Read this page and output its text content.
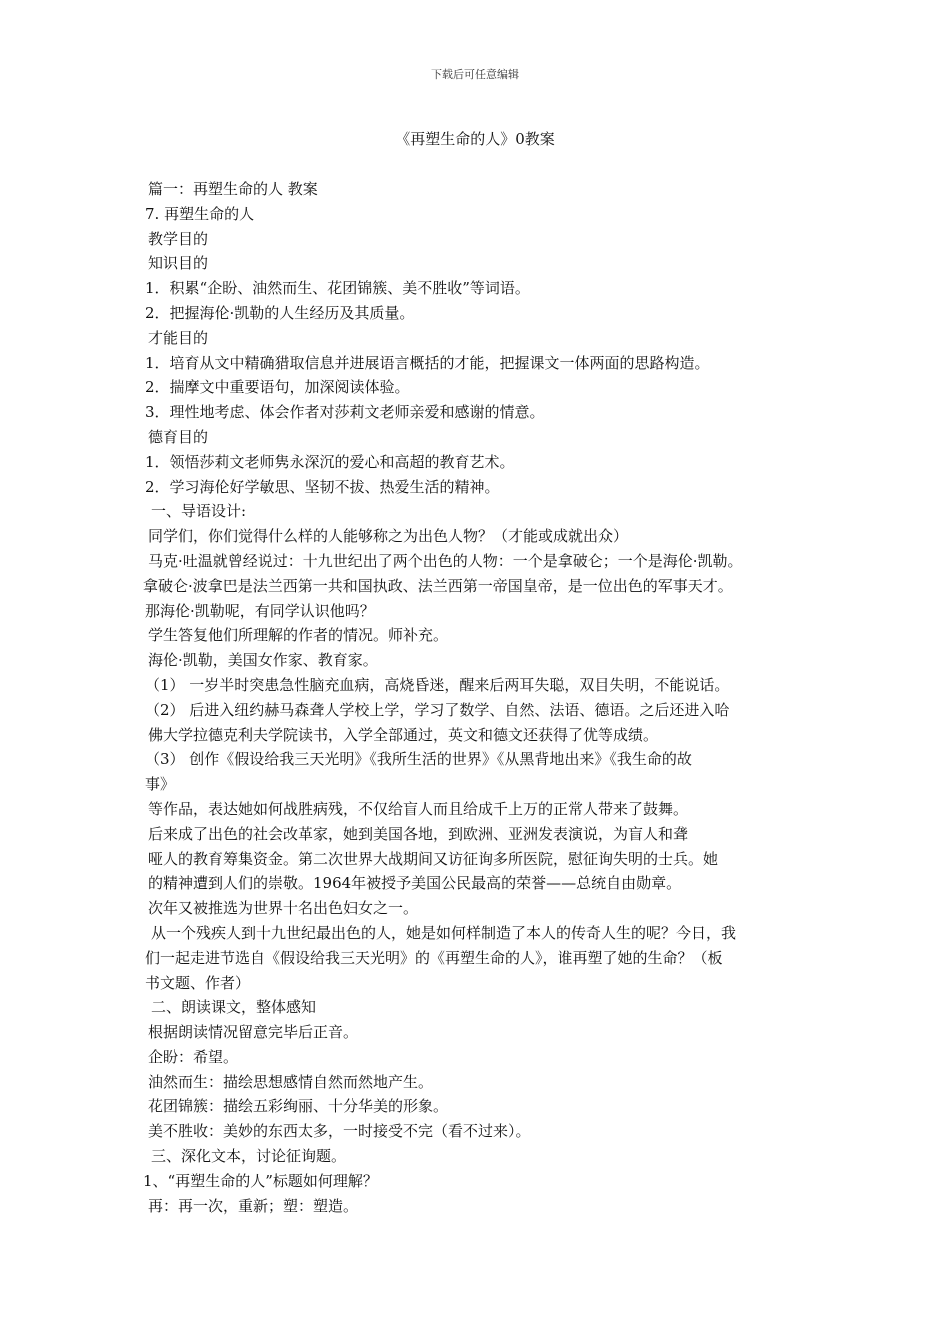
下载后可任意编辑
《再塑生命的人》0教案
篇一：再塑生命的人 教案
7. 再塑生命的人
教学目的
知识目的
1．积累“企盼、油然而生、花团锦簇、美不胜收”等词语。
2．把握海伦·凯勒的人生经历及其质量。
才能目的
1．培育从文中精确猎取信息并进展语言概括的才能，把握课文一体两面的思路构造。
2．揣摩文中重要语句，加深阅读体验。
3．理性地考虑、体会作者对莎莉文老师亲爱和感谢的情意。
德育目的
1．领悟莎莉文老师隽永深沉的爱心和高超的教育艺术。
2．学习海伦好学敏思、坚韧不拔、热爱生活的精神。
一、导语设计:
同学们，你们觉得什么样的人能够称之为出色人物？（才能或成就出众）
马克·吐温就曾经说过：十九世纪出了两个出色的人物：一个是拿破仑；一个是海伦·凯勒。
拿破仑·波拿巴是法兰西第一共和国执政、法兰西第一帝国皇帝，是一位出色的军事天才。
那海伦·凯勒呢，有同学认识他吗？
学生答复他们所理解的作者的情况。师补充。
海伦·凯勒，美国女作家、教育家。
（1） 一岁半时突患急性脑充血病，高烧昏迷，醒来后两耳失聪，双目失明，不能说话。
（2） 后进入纽约赫马森聋人学校上学，学习了数学、自然、法语、德语。之后还进入哈
佛大学拉德克利夫学院读书，入学全部通过，英文和德文还获得了优等成绩。
（3） 创作《假设给我三天光明》《我所生活的世界》《从黑背地出来》《我生命的故
事》
等作品，表达她如何战胜病残，不仅给盲人而且给成千上万的正常人带来了鼓舞。
后来成了出色的社会改革家，她到美国各地，到欧洲、亚洲发表演说，为盲人和聋
哑人的教育筹集资金。第二次世界大战期间又访征询多所医院，慰征询失明的士兵。她
的精神遭到人们的崇敬。1964年被授予美国公民最高的荣誉——总统自由勋章。
次年又被推选为世界十名出色妇女之一。
从一个残疾人到十九世纪最出色的人，她是如何样制造了本人的传奇人生的呢？今日，我
们一起走进节选自《假设给我三天光明》的《再塑生命的人》，谁再塑了她的生命？（板
书文题、作者）
二、朗读课文，整体感知
根据朗读情况留意完毕后正音。
企盼：希望。
油然而生：描绘思想感情自然而然地产生。
花团锦簇：描绘五彩绚丽、十分华美的形象。
美不胜收：美妙的东西太多，一时接受不完（看不过来）。
三、深化文本，讨论征询题。
1、“再塑生命的人”标题如何理解？
再：再一次，重新；塑：塑造。
